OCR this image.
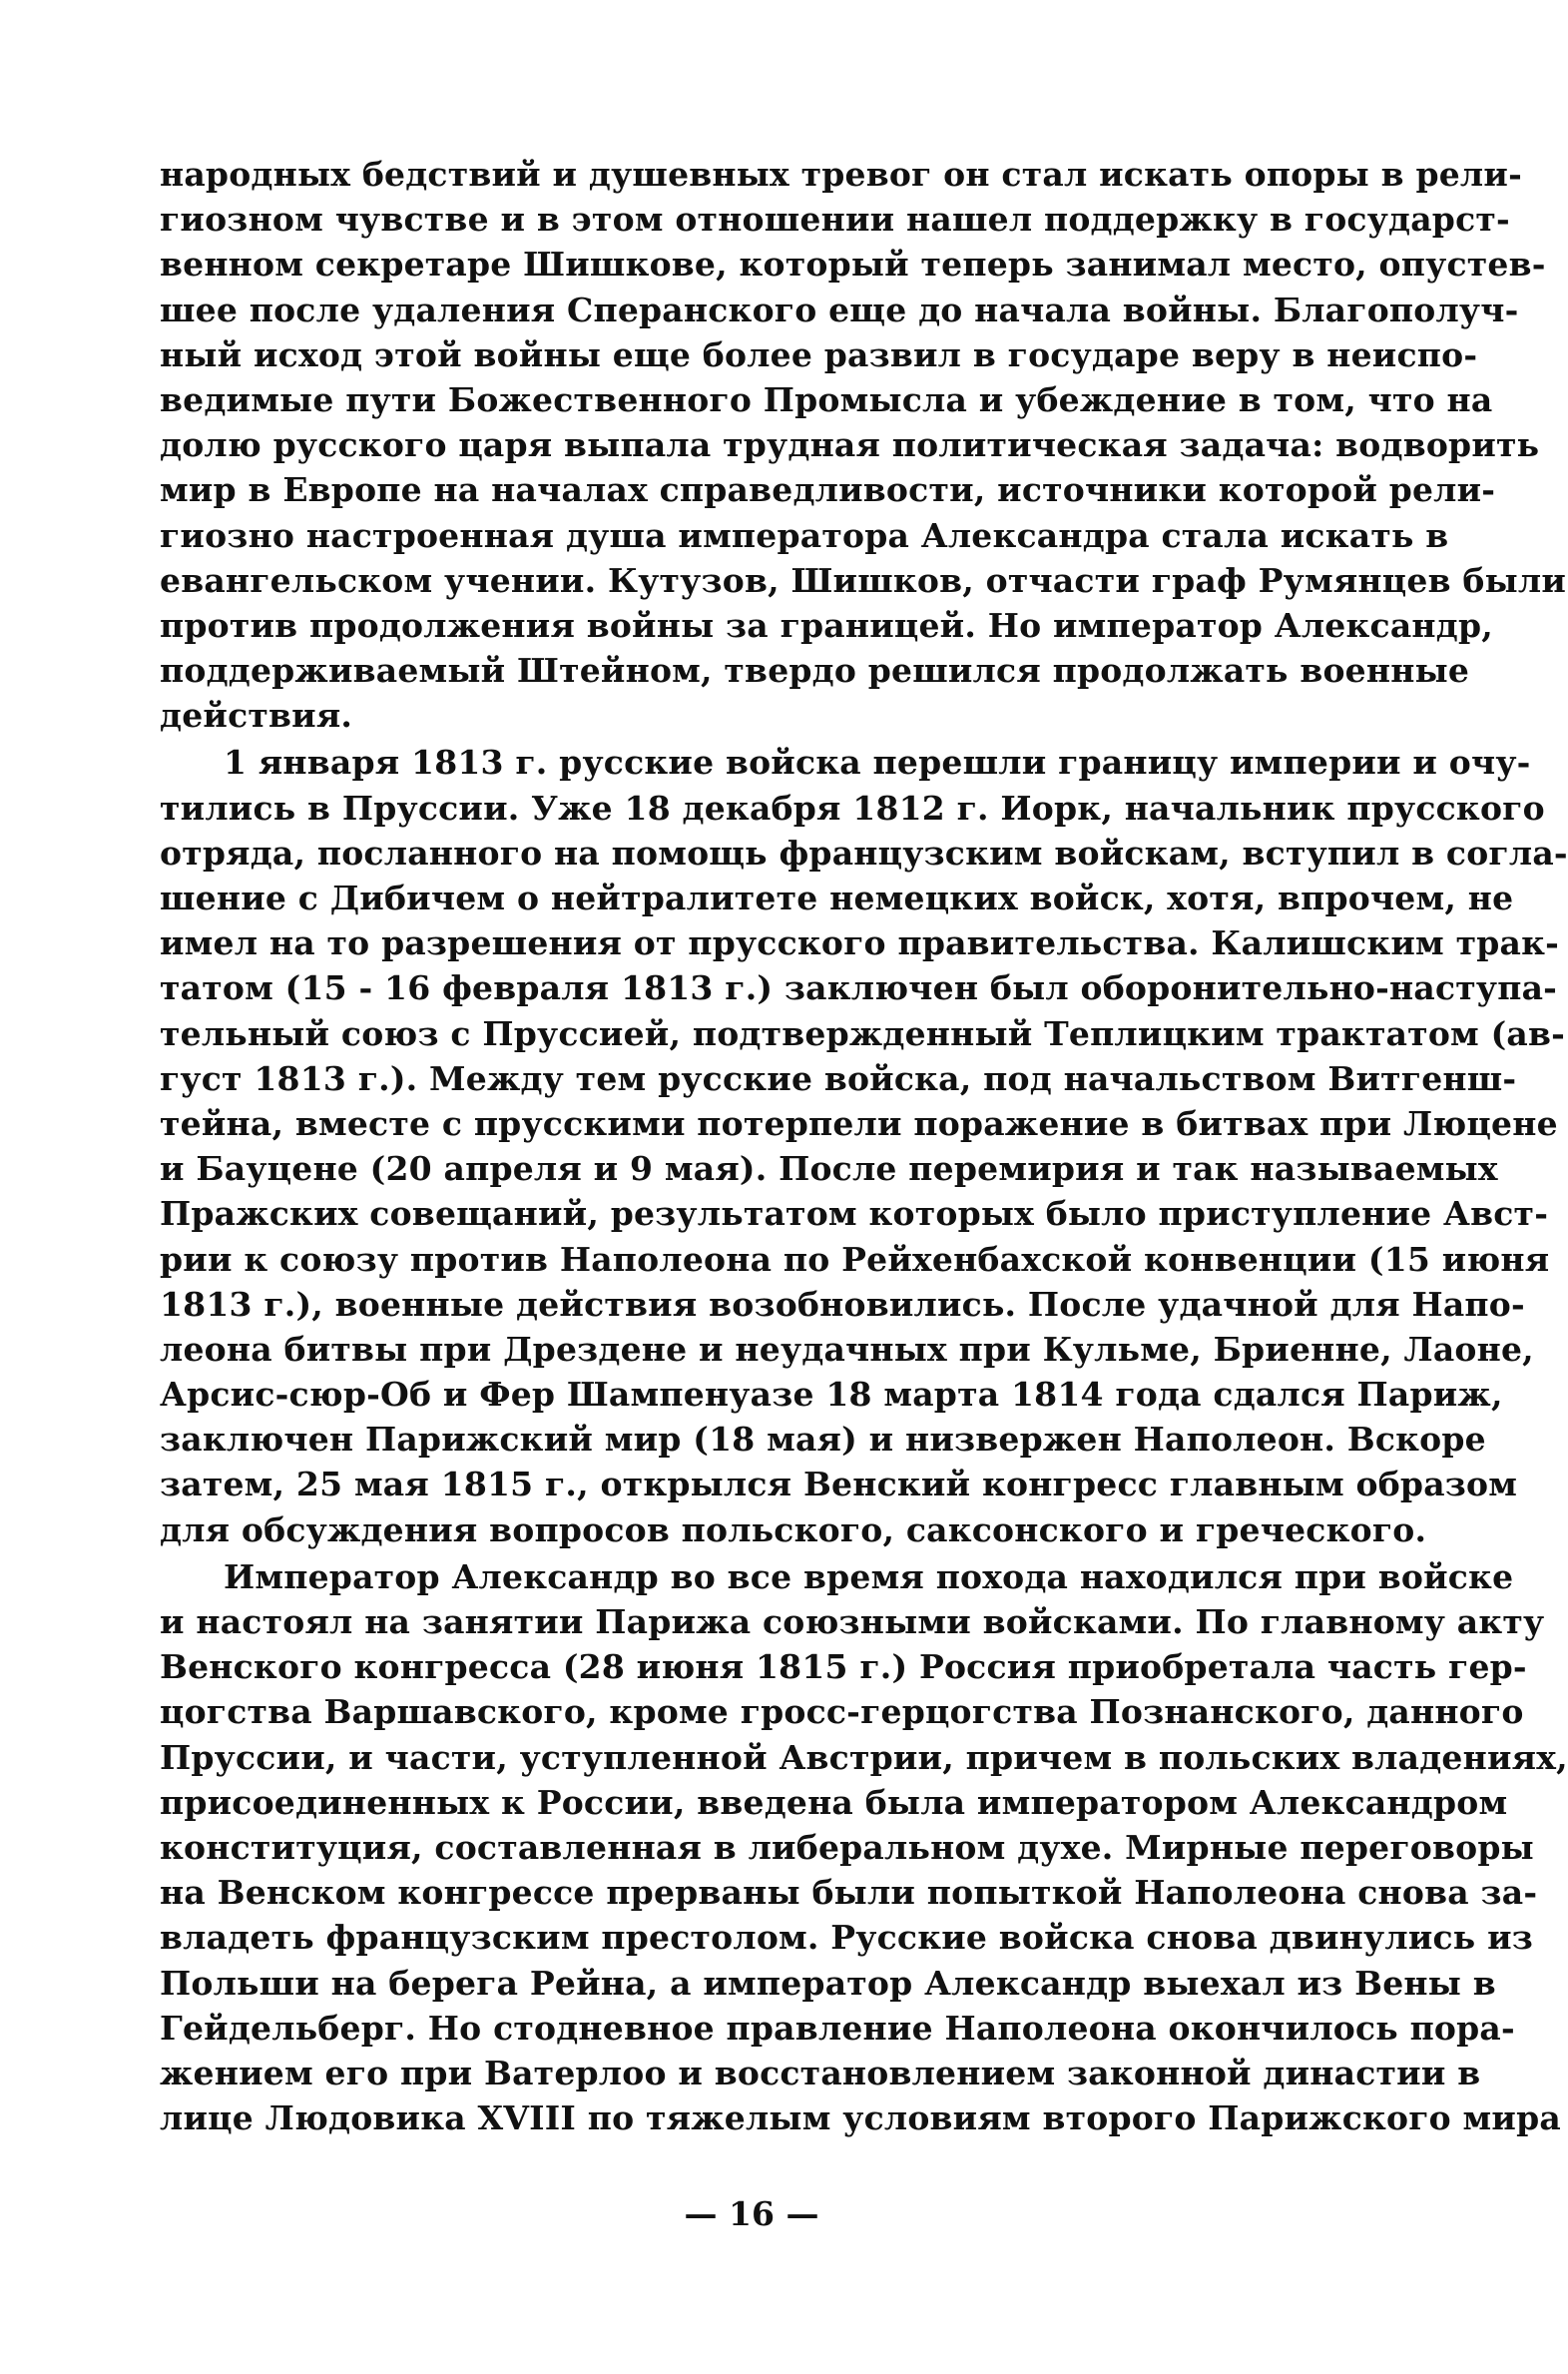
народных бедствий и душевных тревог он стал искать опоры в рели-
гиозном чувстве и в этом отношении нашел поддержку в государст-
венном секретаре Шишкове, который теперь занимал место, опустев-
шее после удаления Сперанского еще до начала войны. Благополуч-
ный исход этой войны еще более развил в государе веру в неиспо-
ведимые пути Божественного Промысла и убеждение в том, что на
долю русского царя выпала трудная политическая задача: водворить
мир в Европе на началах справедливости, источники которой рели-
гиозно настроенная душа императора Александра стала искать в
евангельском учении. Кутузов, Шишков, отчасти граф Румянцев были
против продолжения войны за границей. Но император Александр,
поддерживаемый Штейном, твердо решился продолжать военные
действия.
1 января 1813 г. русские войска перешли границу империи и очу-
тились в Пруссии. Уже 18 декабря 1812 г. Иорк, начальник прусского
отряда, посланного на помощь французским войскам, вступил в согла-
шение с Дибичем о нейтралитете немецких войск, хотя, впрочем, не
имел на то разрешения от прусского правительства. Калишским трак-
татом (15 - 16 февраля 1813 г.) заключен был оборонительно-наступа-
тельный союз с Пруссией, подтвержденный Теплицким трактатом (ав-
густ 1813 г.). Между тем русские войска, под начальством Витгенш-
тейна, вместе с прусскими потерпели поражение в битвах при Люцене
и Бауцене (20 апреля и 9 мая). После перемирия и так называемых
Пражских совещаний, результатом которых было приступление Авст-
рии к союзу против Наполеона по Рейхенбахской конвенции (15 июня
1813 г.), военные действия возобновились. После удачной для Напо-
леона битвы при Дрездене и неудачных при Кульме, Бриенне, Лаоне,
Арсис-сюр-Об и Фер Шампенуазе 18 марта 1814 года сдался Париж,
заключен Парижский мир (18 мая) и низвержен Наполеон. Вскоре
затем, 25 мая 1815 г., открылся Венский конгресс главным образом
для обсуждения вопросов польского, саксонского и греческого.
Император Александр во все время похода находился при войске
и настоял на занятии Парижа союзными войсками. По главному акту
Венского конгресса (28 июня 1815 г.) Россия приобретала часть гер-
цогства Варшавского, кроме гросс-герцогства Познанского, данного
Пруссии, и части, уступленной Австрии, причем в польских владениях,
присоединенных к России, введена была императором Александром
конституция, составленная в либеральном духе. Мирные переговоры
на Венском конгрессе прерваны были попыткой Наполеона снова за-
владеть французским престолом. Русские войска снова двинулись из
Польши на берега Рейна, а император Александр выехал из Вены в
Гейдельберг. Но стодневное правление Наполеона окончилось пора-
жением его при Ватерлоо и восстановлением законной династии в
лице Людовика XVIII по тяжелым условиям второго Парижского мира
— 16 —
